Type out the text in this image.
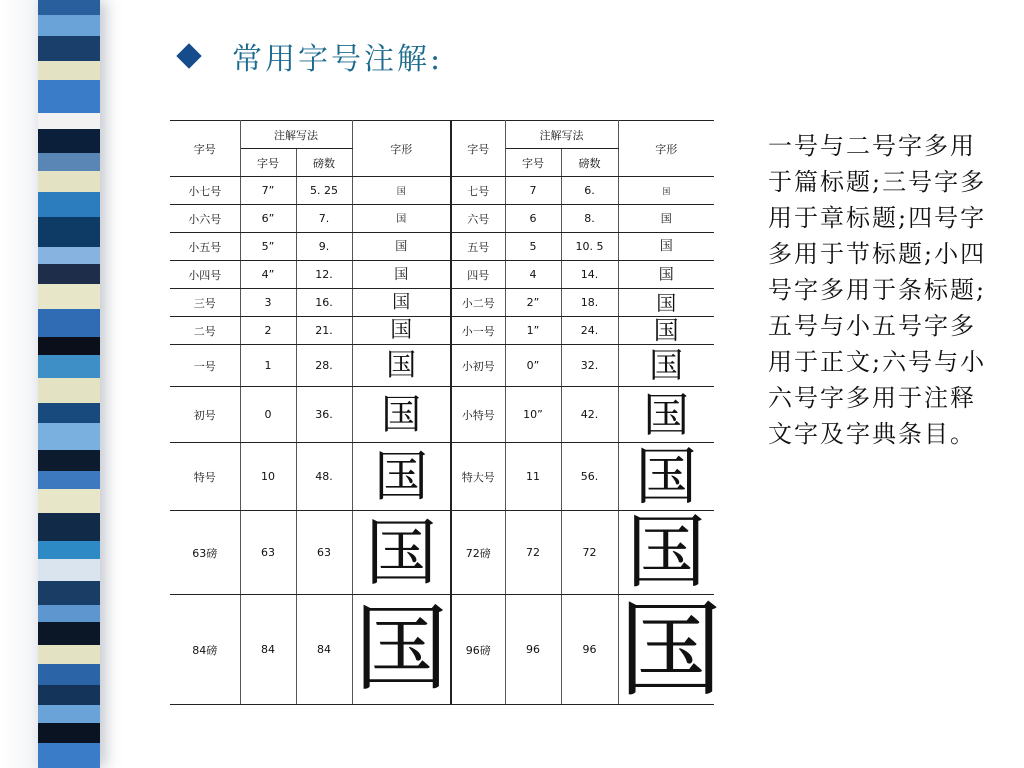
常用字号注解:
字号	注解写法		字形	字号	注解写法		字形
	字号	磅数			字号	磅数	
小七号	7”	5. 25	国	七号	7	6.	国
小六号	6”	7.	国	六号	6	8.	国
小五号	5”	9.	国	五号	5	10. 5	国
小四号	4”	12.	国	四号	4	14.	国
三号	3	16.	国	小二号	2”	18.	国
二号	2	21.	国	小一号	1”	24.	国
一号	1	28.	国	小初号	0”	32.	国
初号	0	36.	国	小特号	10”	42.	国
特号	10	48.	国	特大号	11	56.	国
63磅	63	63	国	72磅	72	72	国
84磅	84	84	国	96磅	96	96	国
一号与二号字多用于篇标题;三号字多用于章标题;四号字多用于节标题;小四号字多用于条标题;五号与小五号字多用于正文;六号与小六号字多用于注释文字及字典条目。
